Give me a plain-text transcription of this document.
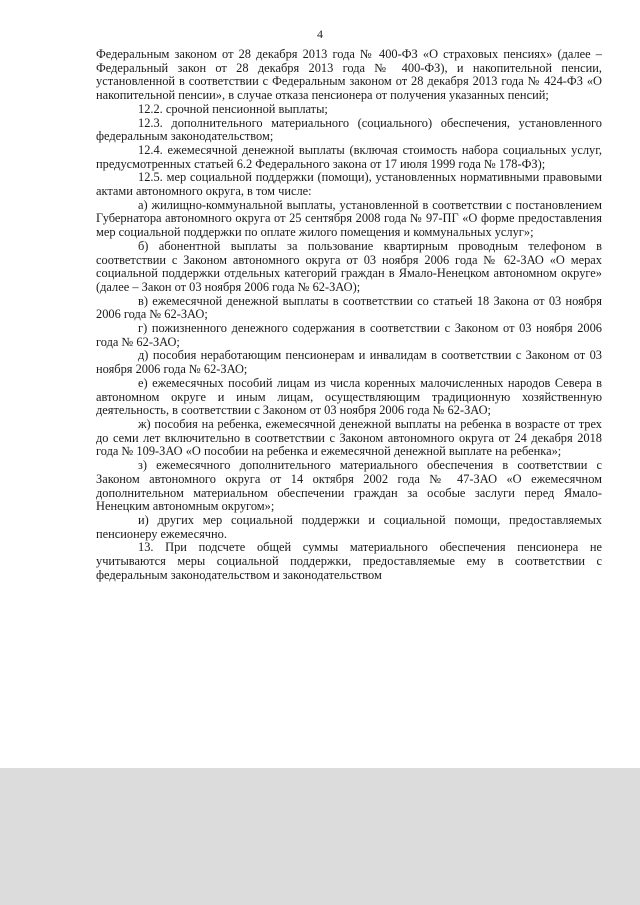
4

Федеральным законом от 28 декабря 2013 года № 400-ФЗ «О страховых пенсиях» (далее – Федеральный закон от 28 декабря 2013 года № 400-ФЗ), и накопительной пенсии, установленной в соответствии с Федеральным законом от 28 декабря 2013 года № 424-ФЗ «О накопительной пенсии», в случае отказа пенсионера от получения указанных пенсий;

12.2. срочной пенсионной выплаты;

12.3. дополнительного материального (социального) обеспечения, установленного федеральным законодательством;

12.4. ежемесячной денежной выплаты (включая стоимость набора социальных услуг, предусмотренных статьей 6.2 Федерального закона от 17 июля 1999 года № 178-ФЗ);

12.5. мер социальной поддержки (помощи), установленных нормативными правовыми актами автономного округа, в том числе:

а) жилищно-коммунальной выплаты, установленной в соответствии с постановлением Губернатора автономного округа от 25 сентября 2008 года № 97-ПГ «О форме предоставления мер социальной поддержки по оплате жилого помещения и коммунальных услуг»;

б) абонентной выплаты за пользование квартирным проводным телефоном в соответствии с Законом автономного округа от 03 ноября 2006 года № 62-ЗАО «О мерах социальной поддержки отдельных категорий граждан в Ямало-Ненецком автономном округе» (далее – Закон от 03 ноября 2006 года № 62-ЗАО);

в) ежемесячной денежной выплаты в соответствии со статьей 18 Закона от 03 ноября 2006 года № 62-ЗАО;

г) пожизненного денежного содержания в соответствии с Законом от 03 ноября 2006 года № 62-ЗАО;

д) пособия неработающим пенсионерам и инвалидам в соответствии с Законом от 03 ноября 2006 года № 62-ЗАО;

е) ежемесячных пособий лицам из числа коренных малочисленных народов Севера в автономном округе и иным лицам, осуществляющим традиционную хозяйственную деятельность, в соответствии с Законом от 03 ноября 2006 года № 62-ЗАО;

ж) пособия на ребенка, ежемесячной денежной выплаты на ребенка в возрасте от трех до семи лет включительно в соответствии с Законом автономного округа от 24 декабря 2018 года № 109-ЗАО «О пособии на ребенка и ежемесячной денежной выплате на ребенка»;

з) ежемесячного дополнительного материального обеспечения в соответствии с Законом автономного округа от 14 октября 2002 года № 47-ЗАО «О ежемесячном дополнительном материальном обеспечении граждан за особые заслуги перед Ямало-Ненецким автономным округом»;

и) других мер социальной поддержки и социальной помощи, предоставляемых пенсионеру ежемесячно.

13. При подсчете общей суммы материального обеспечения пенсионера не учитываются меры социальной поддержки, предоставляемые ему в соответствии с федеральным законодательством и законодательством
